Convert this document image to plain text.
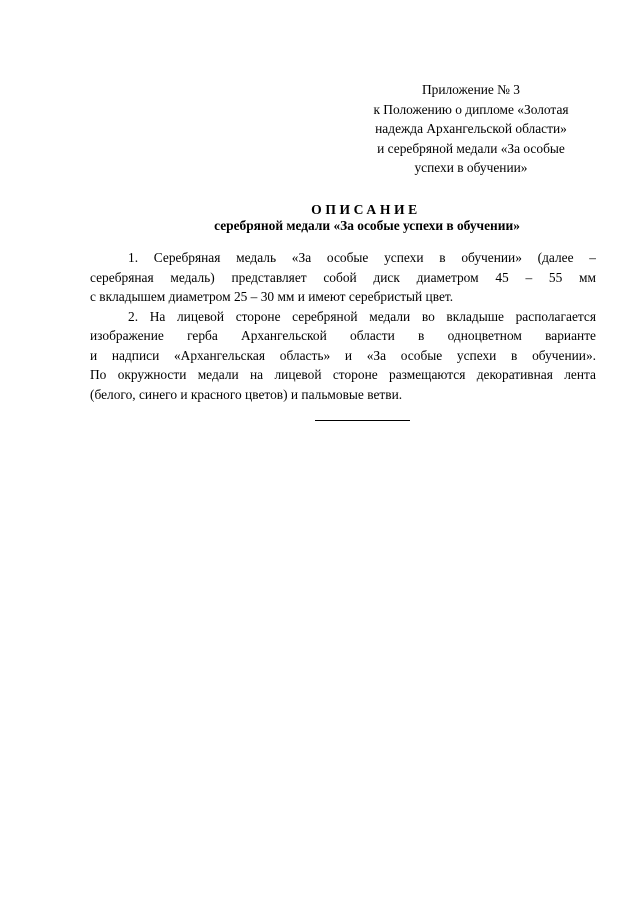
Приложение № 3
к Положению о дипломе «Золотая
надежда Архангельской области»
и серебряной медали «За особые
успехи в обучении»
ОПИСАНИЕ
серебряной медали «За особые успехи в обучении»
1. Серебряная медаль «За особые успехи в обучении» (далее –
серебряная медаль) представляет собой диск диаметром 45 – 55 мм
с вкладышем диаметром 25 – 30 мм и имеют серебристый цвет.
2. На лицевой стороне серебряной медали во вкладыше располагается
изображение герба Архангельской области в одноцветном варианте
и надписи «Архангельская область» и «За особые успехи в обучении».
По окружности медали на лицевой стороне размещаются декоративная лента
(белого, синего и красного цветов) и пальмовые ветви.
